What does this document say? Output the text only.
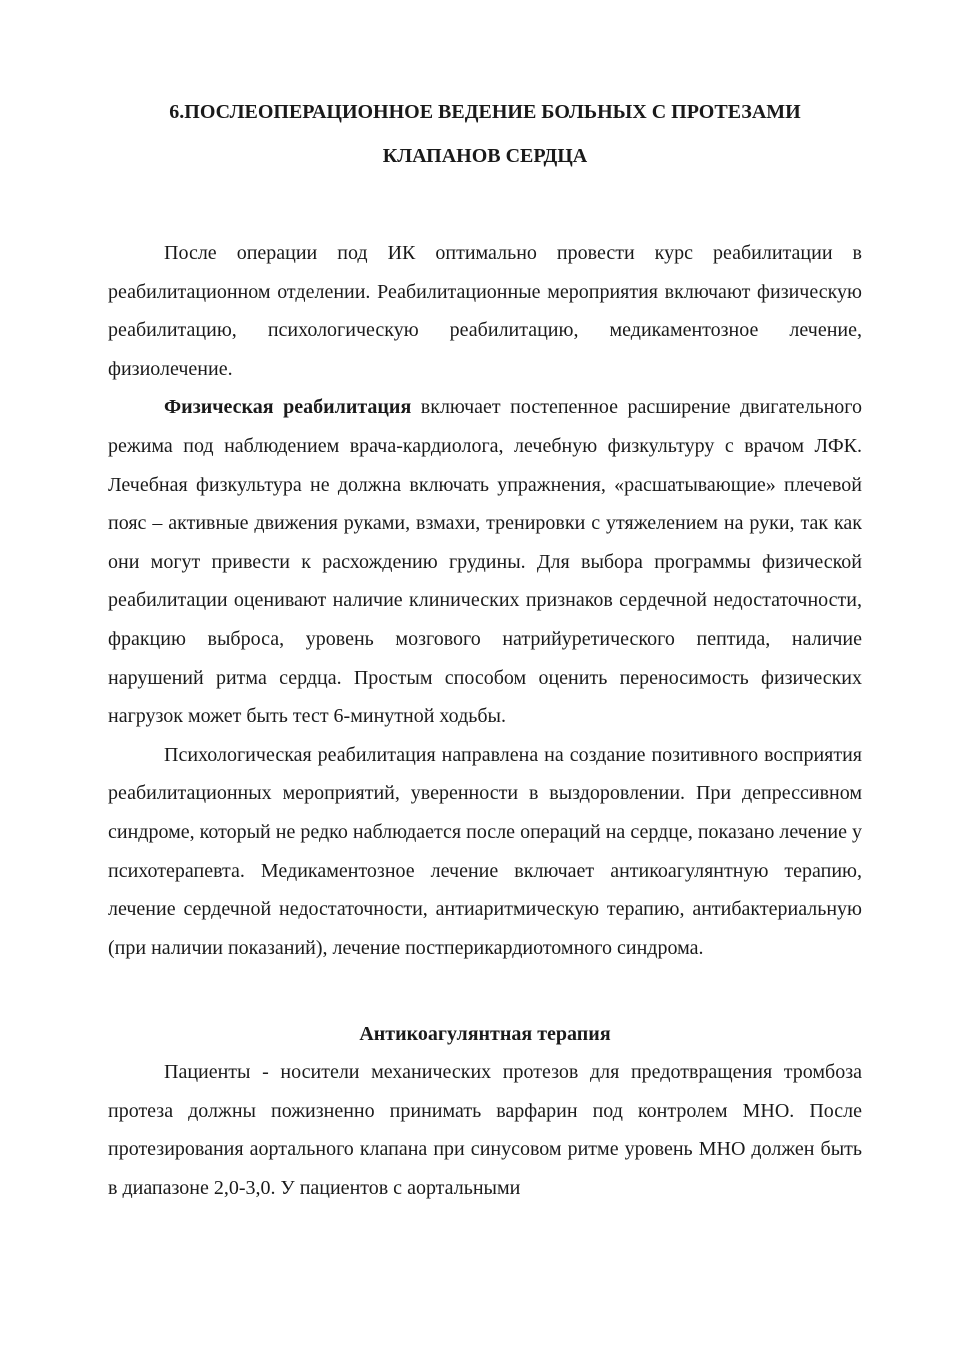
6.ПОСЛЕОПЕРАЦИОННОЕ ВЕДЕНИЕ БОЛЬНЫХ С ПРОТЕЗАМИ
КЛАПАНОВ СЕРДЦА

После операции под ИК оптимально провести курс реабилитации в реабилитационном отделении. Реабилитационные мероприятия включают физическую реабилитацию, психологическую реабилитацию, медикаментозное лечение, физиолечение.

Физическая реабилитация включает постепенное расширение двигательного режима под наблюдением врача-кардиолога, лечебную физкультуру с врачом ЛФК. Лечебная физкультура не должна включать упражнения, «расшатывающие» плечевой пояс – активные движения руками, взмахи, тренировки с утяжелением на руки, так как они могут привести к расхождению грудины. Для выбора программы физической реабилитации оценивают наличие клинических признаков сердечной недостаточности, фракцию выброса, уровень мозгового натрийуретического пептида, наличие нарушений ритма сердца. Простым способом оценить переносимость физических нагрузок может быть тест 6-минутной ходьбы.

Психологическая реабилитация направлена на создание позитивного восприятия реабилитационных мероприятий, уверенности в выздоровлении. При депрессивном синдроме, который не редко наблюдается после операций на сердце, показано лечение у психотерапевта. Медикаментозное лечение включает антикоагулянтную терапию, лечение сердечной недостаточности, антиаритмическую терапию, антибактериальную (при наличии показаний), лечение постперикардиотомного синдрома.

Антикоагулянтная терапия

Пациенты - носители механических протезов для предотвращения тромбоза протеза должны пожизненно принимать варфарин под контролем МНО. После протезирования аортального клапана при синусовом ритме уровень МНО должен быть в диапазоне 2,0-3,0. У пациентов с аортальными
